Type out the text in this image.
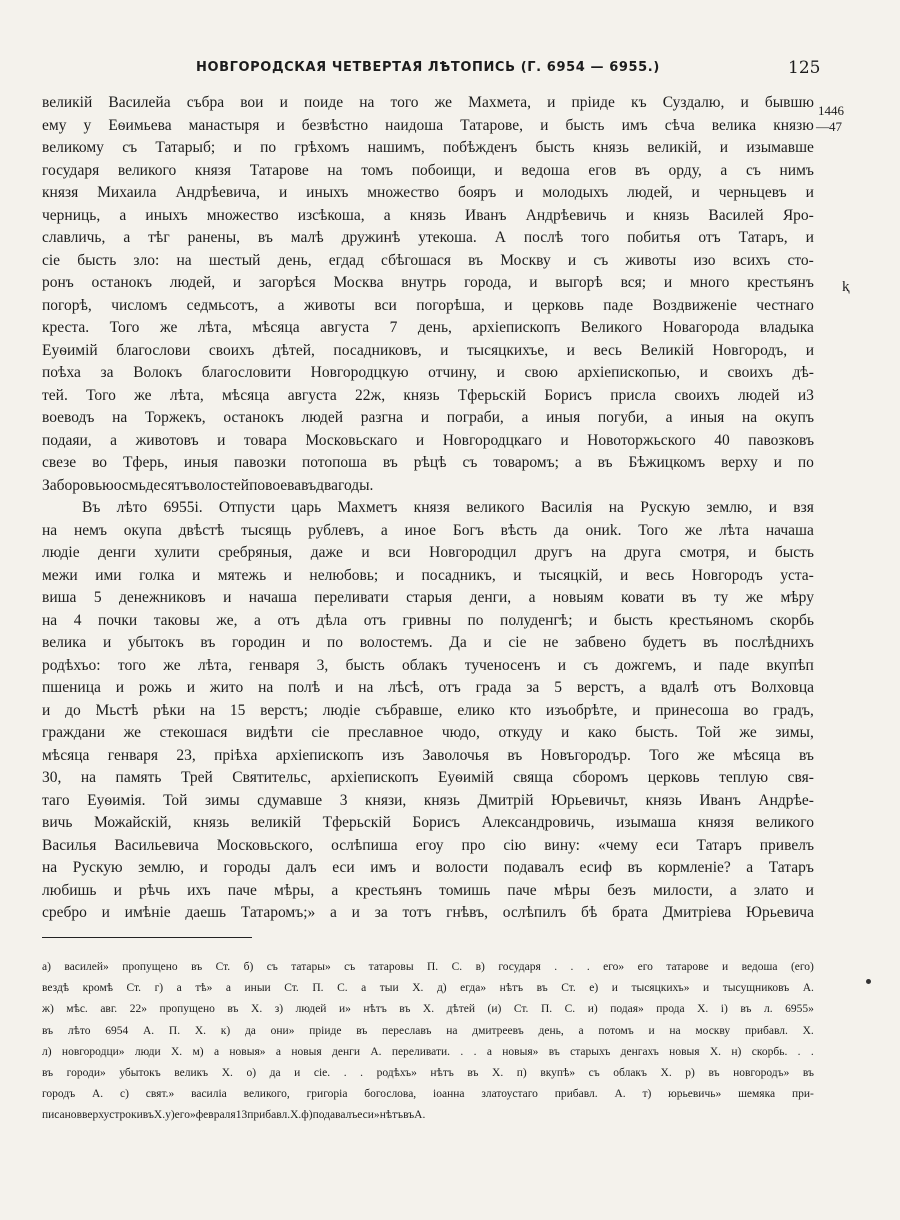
НОВГОРОДСКАЯ ЧЕТВЕРТАЯ ЛѢТОПИСЬ (Г. 6954 — 6955.)	125
1446
—47
ⱪ
великій Василейа събра вои и поиде на того же Махмета, и пріиде къ Суздалю, и бывшю
ему у Еѳимьева манастыря и безвѣстно наидоша Татарове, и бысть имъ сѣча велика князю
великому съ Татарыб; и по грѣхомъ нашимъ, побѣжденъ бысть князь великій, и изымавше
государя великого князя Татарове на томъ побоищи, и ведоша егов въ орду, а съ нимъ
князя Михаила Андрѣевича, и иныхъ множество бояръ и молодыхъ людей, и черньцевъ и
черниць, а иныхъ множество изсѣкоша, а князь Иванъ Андрѣевичь и князь Василей Яро-
славличь, а тѣг ранены, въ малѣ дружинѣ утекоша. А послѣ того побитья отъ Татаръ, и
сіе бысть зло: на шестый день, егдад сбѣгошася въ Москву и съ животы изо всихъ сто-
ронъ останокъ людей, и загорѣся Москва внутрь города, и выгорѣ вся; и много крестьянъ
погорѣ, числомъ седмьсотъ, а животы вси погорѣша, и церковь паде Воздвиженіе честнаго
креста. Того же лѣта, мѣсяца августа 7 день, архіепископъ Великого Новагорода владыка
Еуѳимій благослови своихъ дѣтей, посадниковъ, и тысяцкихъе, и весь Великій Новгородъ, и
поѣха за Волокъ благословити Новгородцкую отчину, и свою архіепископью, и своихъ дѣ-
тей. Того же лѣта, мѣсяца августа 22ж, князь Тферьскій Борисъ присла своихъ людей и3
воеводъ на Торжекъ, останокъ людей разгна и пограби, а иныя погуби, а иныя на окупъ
подаяи, а животовъ и товара Московьскаго и Новгородцкаго и Новоторжьского 40 павозковъ
свезе во Тферь, иныя павозки потопоша въ рѣцѣ съ товаромъ; а въ Бѣжицкомъ верху и по
Заборовью осмьдесятъ волостей повоева въ два годы.
Въ лѣто 6955і. Отпусти царь Махметъ князя великого Василія на Рускую землю, и взя
на немъ окупа двѣстѣ тысящь рублевъ, а иное Богъ вѣсть да ониk. Того же лѣта начаша
людіе денги хулити сребряныя, даже и вси Новгородцил другъ на друга смотря, и бысть
межи ими голка и мятежь и нелюбовь; и посадникъ, и тысяцкій, и весь Новгородъ уста-
виша 5 денежниковъ и начаша переливати старыя денги, а новыям ковати въ ту же мѣру
на 4 почки таковы же, а отъ дѣла отъ гривны по полуденгѣ; и бысть крестьяномъ скорбь
велика и убытокъ въ городин и по волостемъ. Да и сіе не забвено будетъ въ послѣднихъ
родѣхъо: того же лѣта, генваря 3, бысть облакъ тученосенъ и съ дожгемъ, и паде вкупѣп
пшеница и рожь и жито на полѣ и на лѣсѣ, отъ града за 5 верстъ, а вдалѣ отъ Волховца
и до Мьстѣ рѣки на 15 верстъ; людіе събравше, елико кто изъобрѣте, и принесоша во градъ,
граждани же стекошася видѣти сіе преславное чюдо, откуду и како бысть. Той же зимы,
мѣсяца генваря 23, пріѣха архіепископъ изъ Заволочья въ Новъгородър. Того же мѣсяца въ
30, на память Трей Святительс, архіепископъ Еуѳимій свяща сборомъ церковь теплую свя-
таго Еуѳимія. Той зимы сдумавше 3 князи, князь Дмитрій Юрьевичьт, князь Иванъ Андрѣе-
вичь Можайскій, князь великій Тферьскій Борисъ Александровичь, изымаша князя великого
Василья Васильевича Московьского, ослѣпиша егоу про сію вину: «чему еси Татаръ привелъ
на Рускую землю, и городы далъ еси имъ и волости подавалъ есиф въ кормленіе? а Татаръ
любишь и рѣчь ихъ паче мѣры, а крестьянъ томишь паче мѣры безъ милости, а злато и
сребро и имѣніе даешь Татаромъ;» а и за тотъ гнѣвъ, ослѣпилъ бѣ брата Дмитріева Юрьевича
а) василей» пропущено въ Ст. б) съ татары» съ татаровы П. С. в) государя . . . его» его татарове и ведоша (его)
вездѣ кромѣ Ст. г) а тѣ» а иныи Ст. П. С. а тыи Х. д) егда» нѣтъ въ Ст. е) и тысяцкихъ» и тысущниковъ А.
ж) мѣс. авг. 22» пропущено въ Х. з) людей и» нѣтъ въ Х. дѣтей (и) Ст. П. С. и) подая» прода Х. і) въ л. 6955»
въ лѣто 6954 А. П. Х. к) да они» пріиде въ переславъ на дмитреевъ день, а потомъ и на москву прибавл. Х.
л) новгородци» люди Х. м) а новыя» а новыя денги А. переливати. . . а новыя» въ старыхъ денгахъ новыя Х. н) скорбь. . .
въ городи» убытокъ великъ Х. о) да и сіе. . . родѣхъ» нѣтъ въ Х. п) вкупѣ» съ облакъ Х. р) въ новгородъ» въ
городъ А. с) свят.» василіа великого, григоріа богослова, іоанна златоустаго прибавл. А. т) юрьевичь» шемяка при-
писано вверху строки въ Х. у) его» февраля 13 прибавл. Х. ф) подавалъ еси» нѣтъ въ А.
